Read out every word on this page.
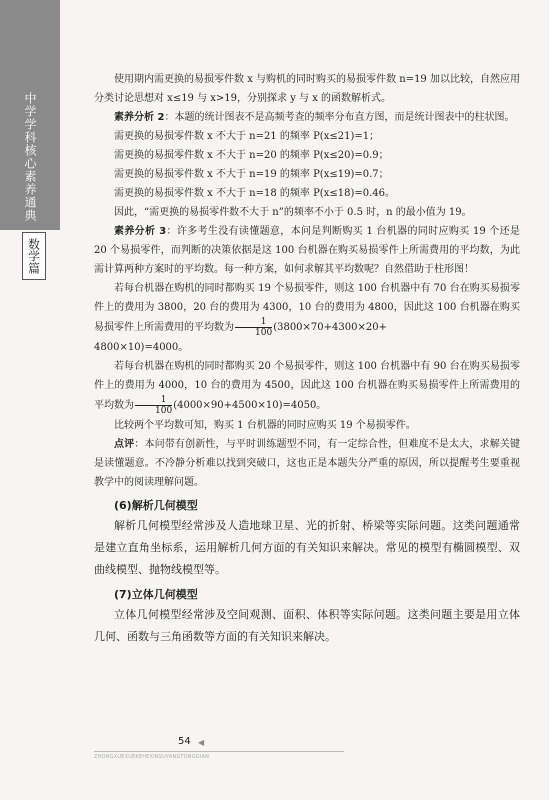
中学学科核心素养通典
数学篇

使用期内需更换的易损零件数 x 与购机的同时购买的易损零件数 n=19 加以比较，自然应用分类讨论思想对 x≤19 与 x>19，分别探求 y 与 x 的函数解析式。

素养分析 2：本题的统计图表不是高频考查的频率分布直方图，而是统计图表中的柱状图。

需更换的易损零件数 x 不大于 n=21 的频率 P(x≤21)=1；

需更换的易损零件数 x 不大于 n=20 的频率 P(x≤20)=0.9；

需更换的易损零件数 x 不大于 n=19 的频率 P(x≤19)=0.7；

需更换的易损零件数 x 不大于 n=18 的频率 P(x≤18)=0.46。

因此，“需更换的易损零件数不大于 n”的频率不小于 0.5 时，n 的最小值为 19。

素养分析 3：许多考生没有读懂题意，本问是判断购买 1 台机器的同时应购买 19 个还是 20 个易损零件，而判断的决策依据是这 100 台机器在购买易损零件上所需费用的平均数，为此需计算两种方案时的平均数。每一种方案，如何求解其平均数呢？自然借助于柱形图！

若每台机器在购机的同时都购买 19 个易损零件，则这 100 台机器中有 70 台在购买易损零件上的费用为 3800，20 台的费用为 4300，10 台的费用为 4800，因此这 100 台机器在购买易损零件上所需费用的平均数为 $\frac{1}{100} (3800\times 70+4300\times 20+$

4800×10)=4000。

若每台机器在购机的同时都购买 20 个易损零件，则这 100 台机器中有 90 台在购买易损零件上的费用为 4000，10 台的费用为 4500，因此这 100 台机器在购买易损零件上所需费用的平均数为 $\frac{1}{100} (4000\times 90+4500\times 10)=4050$。

比较两个平均数可知，购买 1 台机器的同时应购买 19 个易损零件。

点评：本问带有创新性，与平时训练题型不同，有一定综合性，但难度不是太大，求解关键是读懂题意。不冷静分析难以找到突破口，这也正是本题失分严重的原因，所以提醒考生要重视教学中的阅读理解问题。

(6)解析几何模型

解析几何模型经常涉及人造地球卫星、光的折射、桥梁等实际问题。这类问题通常是建立直角坐标系，运用解析几何方面的有关知识来解决。常见的模型有椭圆模型、双曲线模型、抛物线模型等。

(7)立体几何模型

立体几何模型经常涉及空间观测、面积、体积等实际问题。这类问题主要是用立体几何、函数与三角函数等方面的有关知识来解决。

54 ◀
ZHONGXUEXUEKEHEXINSUYANGTONGDIAN
